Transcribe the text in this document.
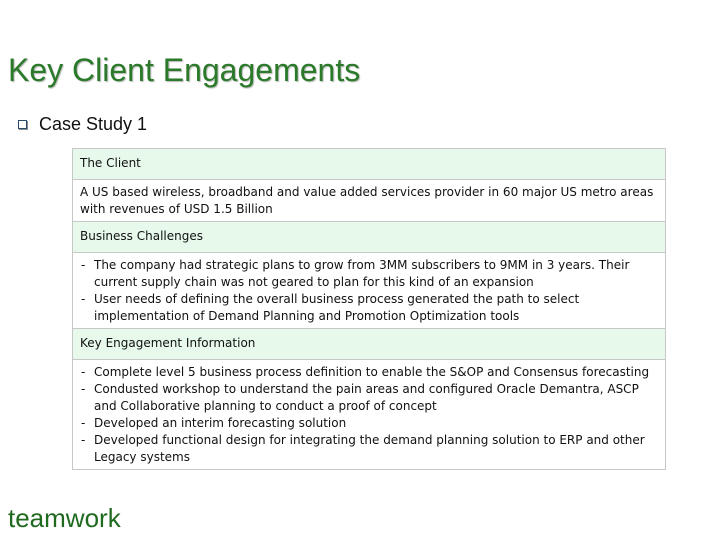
Key Client Engagements
Case Study 1
The Client
A US based wireless, broadband and value added services provider in 60 major US metro areas with revenues of USD 1.5 Billion
Business Challenges
- The company had strategic plans to grow from 3MM subscribers to 9MM in 3 years. Their current supply chain was not geared to plan for this kind of an expansion
- User needs of defining the overall business process generated the path to select implementation of Demand Planning and Promotion Optimization tools
Key Engagement Information
- Complete level 5 business process definition to enable the S&OP and Consensus forecasting
- Condusted workshop to understand the pain areas and configured Oracle Demantra, ASCP and Collaborative planning to conduct a proof of concept
- Developed an interim forecasting solution
- Developed functional design for integrating the demand planning solution to ERP and other Legacy systems
teamwork
